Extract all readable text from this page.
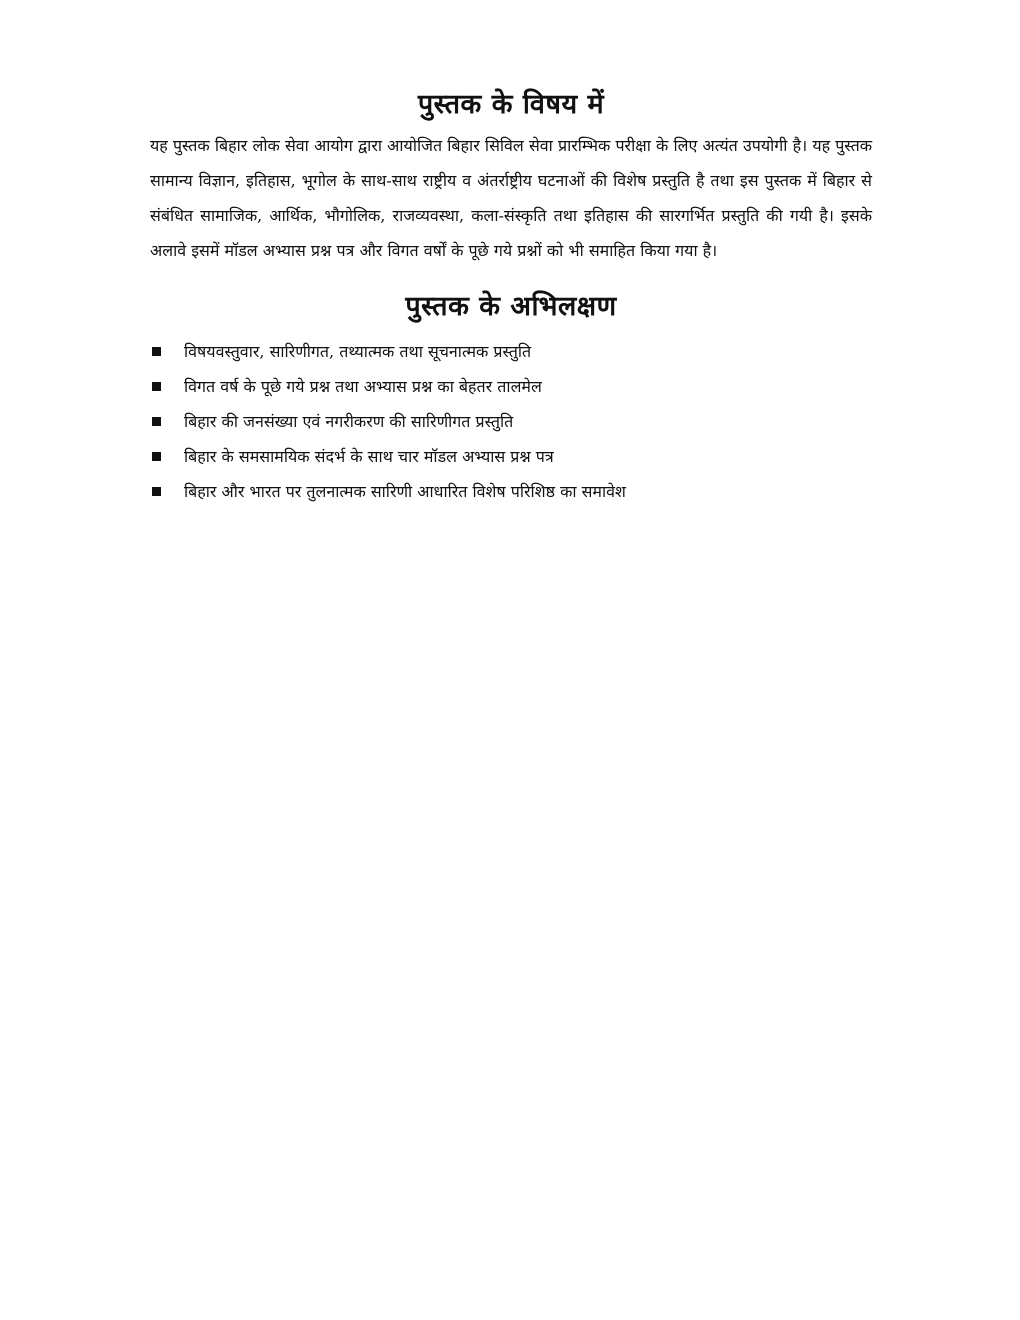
पुस्तक के विषय में

यह पुस्तक बिहार लोक सेवा आयोग द्वारा आयोजित बिहार सिविल सेवा प्रारम्भिक परीक्षा के लिए अत्यंत उपयोगी है। यह पुस्तक सामान्य विज्ञान, इतिहास, भूगोल के साथ-साथ राष्ट्रीय व अंतर्राष्ट्रीय घटनाओं की विशेष प्रस्तुति है तथा इस पुस्तक में बिहार से संबंधित सामाजिक, आर्थिक, भौगोलिक, राजव्यवस्था, कला-संस्कृति तथा इतिहास की सारगर्भित प्रस्तुति की गयी है। इसके अलावे इसमें मॉडल अभ्यास प्रश्न पत्र और विगत वर्षों के पूछे गये प्रश्नों को भी समाहित किया गया है।

पुस्तक के अभिलक्षण
विषयवस्तुवार, सारिणीगत, तथ्यात्मक तथा सूचनात्मक प्रस्तुति
विगत वर्ष के पूछे गये प्रश्न तथा अभ्यास प्रश्न का बेहतर तालमेल
बिहार की जनसंख्या एवं नगरीकरण की सारिणीगत प्रस्तुति
बिहार के समसामयिक संदर्भ के साथ चार मॉडल अभ्यास प्रश्न पत्र
बिहार और भारत पर तुलनात्मक सारिणी आधारित विशेष परिशिष्ठ का समावेश
